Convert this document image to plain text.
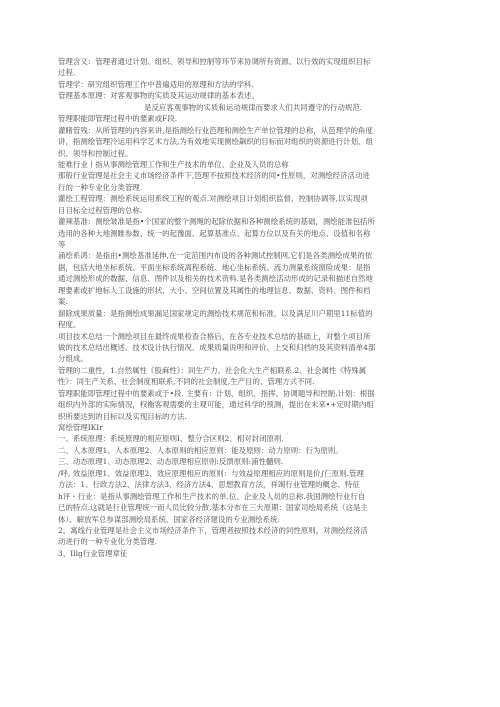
管理含义：管理者通过计划、组织、领导和控制等环节来协调所有资源、以行效的实现组织目标
过程.
管理学：研究组织管理工作中普遍适用的原理和方法的学科.
管理基本原理：对客观事物的实质及其运动规律的基本表述、
是反应客观事物的实质和运动规律而要求人们共同遵守的行动规范.
管理职能即管理过程中的要素或F段.
灌睹管残：从所管理的内容来讲,是指测绘行业笆理和测绘生产单位管理的总称，从笆理学的角度
讲，指测绘管理冷运用科学艺术方法,为有效地实现测绘飙织的目标而对组织的资源进行计划、组
织、领导和控制过程。
能难行业丨指从事测绘管理工作和生产技术的单位、企业及人员的总称
那般行业管理是社会主义市场经济条件下,笆理不按照技术经济的同•性原则，对测绘经济活动进
行的一种专业化分类管理.
灌绘工程管理：测绘系统运用系统工程的观点.对测绘项目计划组织监督、控制协调等,以实现项
目目标全过程管理的总称.
灌辣基准：测绘皱准是指•个国家的整个测绳的起除依据和各种测绘系统的基础，测绘能准包括所
选用的各种大地测睢参数、统一的起豫面、起算基准点、起算方位以及有关的地点、设值和名称
等
涌绘系鸿：是指由•测绘基准延伸,在一定范围内布设的各种测试控制网,它们是各类测绘成果的依
据，包括大地坐标系统、平面坐标系统离程系统、地心坐标系统、流力测量系统窗险成果：是指
通过测绘形成的数据、信息、图件以及相关的技术资料.是各类测绘活动形成的记录和描述自然地
理要素或扩地标人工设施的形状、大小、空间位置及其属性的地理信息、数据、资料、图件和档
案.
溜除成果质量：是指测绘成果漏足国家规定的测绘技术规范和标准，以及满足川户期里11标值的
程度。
项目技术总结一个测绘项目在最终成果检查合格后，在各专业技术总结的基础上，对整个项目所
做的技术总结出概述、技术设计执行情况、成果质量说明和评价、上交和归档的及其资料清单4部
分组成。
管理的二重性，1.自然属性《股麻性》：同生产力、社会化大生产相联系.2、社会属性《特殊属
性》：同生产关系、社会制度相联系,不同的社会制度,生产目的、管理方式不同.
管理职能即管理过程中的要素或于•段. 主要有：计划、组织、指挥、协调题导和控制,计划：根据
组织内外部的实际情况，权衡客观需要的主观可能，通过科学的预测，提出在未来•+定时期内组
织所要达到的目标以及实现目标的方法.
窝绘管理IKIr
一、系统原理：系统原理的相应原则I、整分合区则2、相对封闭原则.
二、人本原理1、人本原理2、人本原则的相应原则：能及原则：动力原则：行为原则。
三、动态原理1、动态原理2、动态原理相应原则:反馈原则:浦性髓则.
/呼, 效益原理1、效益原理2、效应原理相应的原则：与效益原理相应的原则是价∫仨原则.管理
方法：1、行政方法2、法律方法3、经济方法4、思想教育方法，祥竭行业管理的概念、特征
h评・行业：是指从事测绘管理工作和生产技术的单.位、企业及人员的总称.我国测绘行业行自
已的特点.这就是行业管理统一而人员比较分散.基本分布在三大原期：国家司绘局系统（这是主
体）、解放军总参谋部测绘局系统、国家各经济建设的专业测绘系统.
2、寓线行业管理是社会主义市场经济条件下，管理者按照技术经济的同性原则，对测绘经济活
动进行的一种专业化分类管理.
3、Illg行业管理章征
